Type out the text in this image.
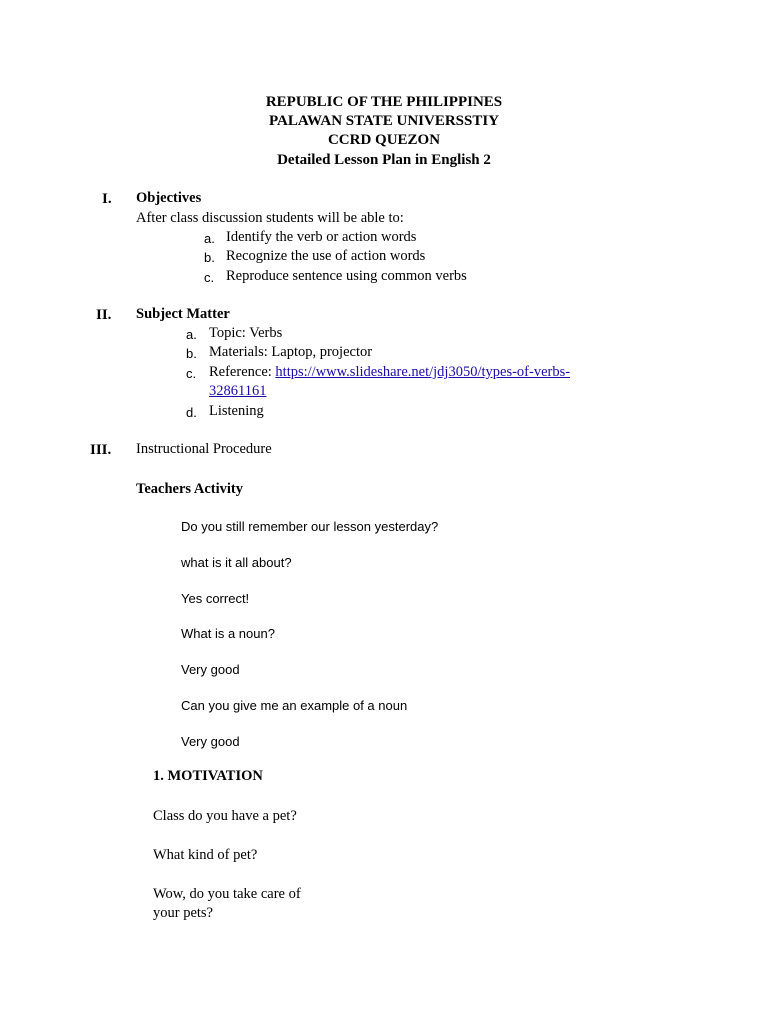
REPUBLIC OF THE PHILIPPINES
PALAWAN STATE UNIVERSSTIY
CCRD QUEZON
Detailed Lesson Plan in English 2
I. Objectives
After class discussion students will be able to:
a. Identify the verb or action words
b. Recognize the use of action words
c. Reproduce sentence using common verbs
II. Subject Matter
a. Topic: Verbs
b. Materials: Laptop, projector
c. Reference: https://www.slideshare.net/jdj3050/types-of-verbs-
32861161
d. Listening
III. Instructional Procedure
Teachers Activity
Do you still remember our lesson yesterday?
what is it all about?
Yes correct!
What is a noun?
Very good
Can you give me an example of a noun
Very good
1. MOTIVATION
Class do you have a pet?
What kind of pet?
Wow, do you take care of
your pets?
